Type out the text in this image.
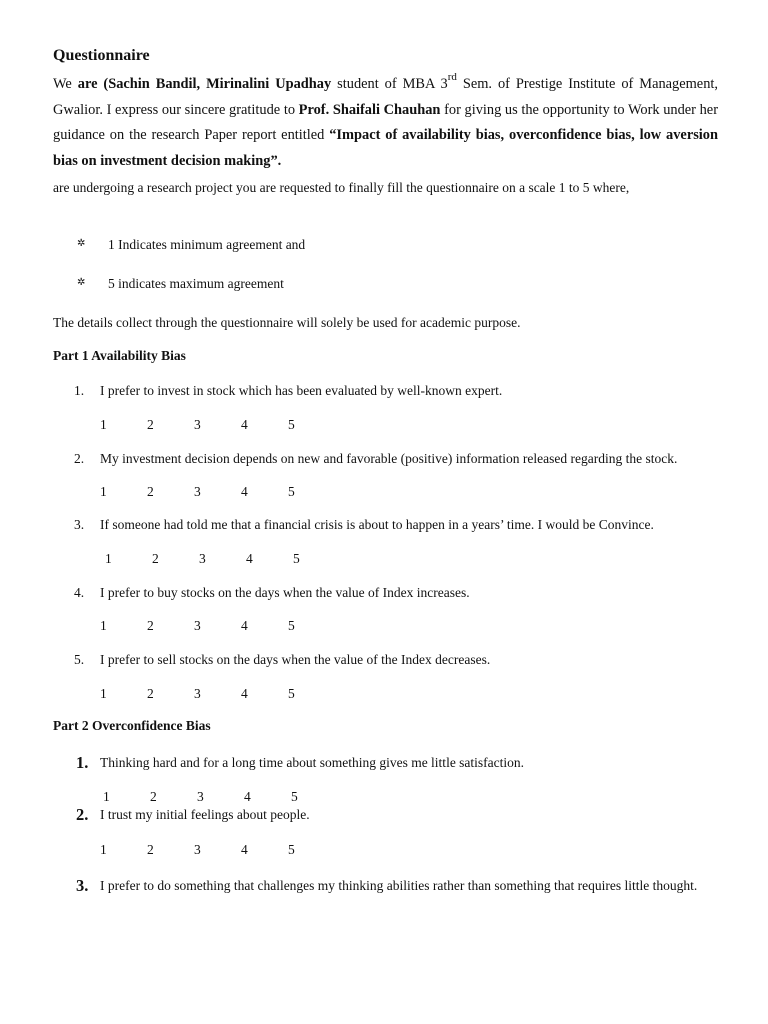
Questionnaire
We are (Sachin Bandil, Mirinalini Upadhay student of MBA 3rd Sem. of Prestige Institute of Management, Gwalior. I express our sincere gratitude to Prof. Shaifali Chauhan for giving us the opportunity to Work under her guidance on the research Paper report entitled “Impact of availability bias, overconfidence bias, low aversion bias on investment decision making”.
are undergoing a research project you are requested to finally fill the questionnaire on a scale 1 to 5 where,
✲ 1 Indicates minimum agreement and
✲ 5 indicates maximum agreement
The details collect through the questionnaire will solely be used for academic purpose.
Part 1 Availability Bias
1. I prefer to invest in stock which has been evaluated by well-known expert.
1	2	3	4	5
2. My investment decision depends on new and favorable (positive) information released regarding the stock.
1	2	3	4	5
3. If someone had told me that a financial crisis is about to happen in a years’ time. I would be Convince.
1	2	3	4	5
4. I prefer to buy stocks on the days when the value of Index increases.
1	2	3	4	5
5. I prefer to sell stocks on the days when the value of the Index decreases.
1	2	3	4	5
Part 2 Overconfidence Bias
1. Thinking hard and for a long time about something gives me little satisfaction.
1	2	3	4	5
2. I trust my initial feelings about people.
1	2	3	4	5
3. I prefer to do something that challenges my thinking abilities rather than something that requires little thought.
